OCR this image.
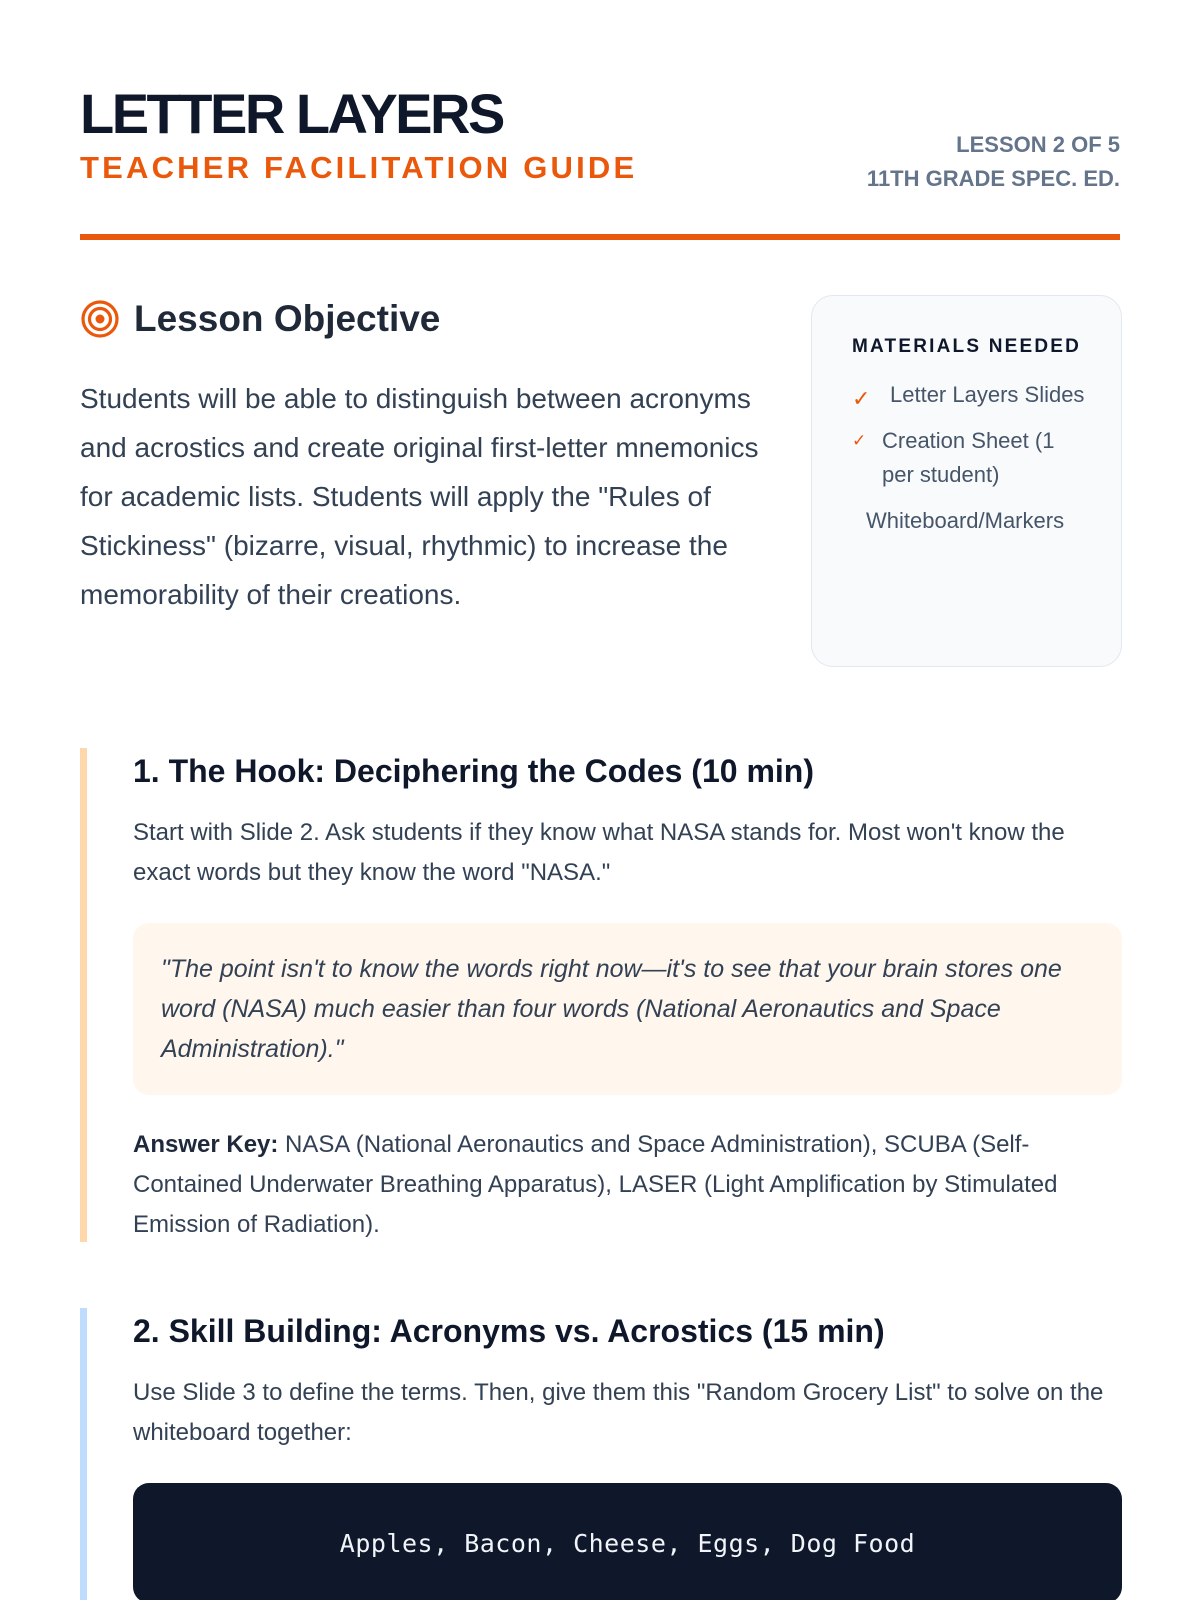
LETTER LAYERS
TEACHER FACILITATION GUIDE
LESSON 2 OF 5
11TH GRADE SPEC. ED.
Lesson Objective

Students will be able to distinguish between acronyms and acrostics and create original first-letter mnemonics for academic lists. Students will apply the "Rules of Stickiness" (bizarre, visual, rhythmic) to increase the memorability of their creations.

MATERIALS NEEDED
✓ Letter Layers Slides
✓ Creation Sheet (1 per student)
Whiteboard/Markers
1. The Hook: Deciphering the Codes (10 min)

Start with Slide 2. Ask students if they know what NASA stands for. Most won't know the exact words but they know the word "NASA."

"The point isn't to know the words right now—it's to see that your brain stores one word (NASA) much easier than four words (National Aeronautics and Space Administration)."

Answer Key: NASA (National Aeronautics and Space Administration), SCUBA (Self-Contained Underwater Breathing Apparatus), LASER (Light Amplification by Stimulated Emission of Radiation).

2. Skill Building: Acronyms vs. Acrostics (15 min)

Use Slide 3 to define the terms. Then, give them this "Random Grocery List" to solve on the whiteboard together:

Apples, Bacon, Cheese, Eggs, Dog Food
